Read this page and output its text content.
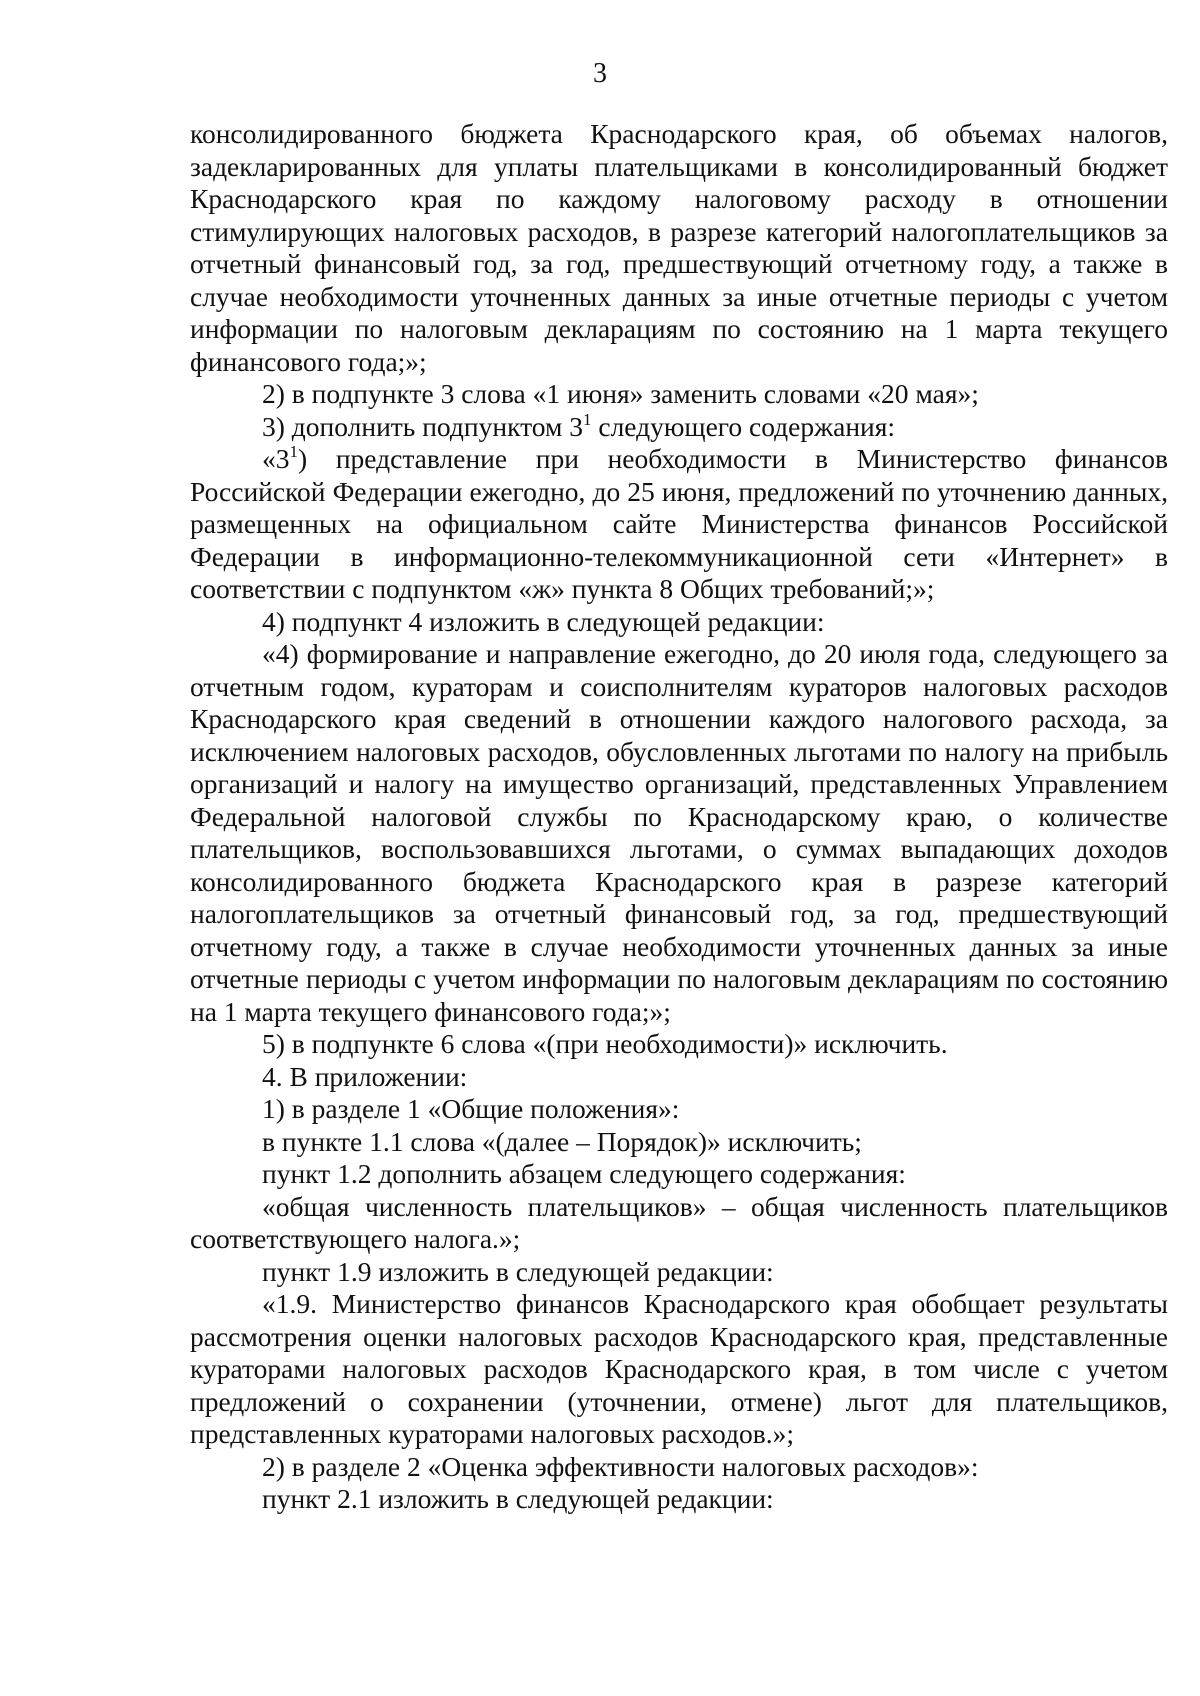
3

консолидированного бюджета Краснодарского края, об объемах налогов, задекларированных для уплаты плательщиками в консолидированный бюджет Краснодарского края по каждому налоговому расходу в отношении стимулирующих налоговых расходов, в разрезе категорий налогоплательщиков за отчетный финансовый год, за год, предшествующий отчетному году, а также в случае необходимости уточненных данных за иные отчетные периоды с учетом информации по налоговым декларациям по состоянию на 1 марта текущего финансового года;»;

2) в подпункте 3 слова «1 июня» заменить словами «20 мая»;

3) дополнить подпунктом $3^1$ следующего содержания:

«$3^1$) представление при необходимости в Министерство финансов Российской Федерации ежегодно, до 25 июня, предложений по уточнению данных, размещенных на официальном сайте Министерства финансов Российской Федерации в информационно-телекоммуникационной сети «Интернет» в соответствии с подпунктом «ж» пункта 8 Общих требований;»;

4) подпункт 4 изложить в следующей редакции:

«4) формирование и направление ежегодно, до 20 июля года, следующего за отчетным годом, кураторам и соисполнителям кураторов налоговых расходов Краснодарского края сведений в отношении каждого налогового расхода, за исключением налоговых расходов, обусловленных льготами по налогу на прибыль организаций и налогу на имущество организаций, представленных Управлением Федеральной налоговой службы по Краснодарскому краю, о количестве плательщиков, воспользовавшихся льготами, о суммах выпадающих доходов консолидированного бюджета Краснодарского края в разрезе категорий налогоплательщиков за отчетный финансовый год, за год, предшествующий отчетному году, а также в случае необходимости уточненных данных за иные отчетные периоды с учетом информации по налоговым декларациям по состоянию на 1 марта текущего финансового года;»;

5) в подпункте 6 слова «(при необходимости)» исключить.

4. В приложении:

1) в разделе 1 «Общие положения»:

в пункте 1.1 слова «(далее – Порядок)» исключить;

пункт 1.2 дополнить абзацем следующего содержания:

«общая численность плательщиков» – общая численность плательщиков соответствующего налога.»;

пункт 1.9 изложить в следующей редакции:

«1.9. Министерство финансов Краснодарского края обобщает результаты рассмотрения оценки налоговых расходов Краснодарского края, представленные кураторами налоговых расходов Краснодарского края, в том числе с учетом предложений о сохранении (уточнении, отмене) льгот для плательщиков, представленных кураторами налоговых расходов.»;

2) в разделе 2 «Оценка эффективности налоговых расходов»:

пункт 2.1 изложить в следующей редакции:
